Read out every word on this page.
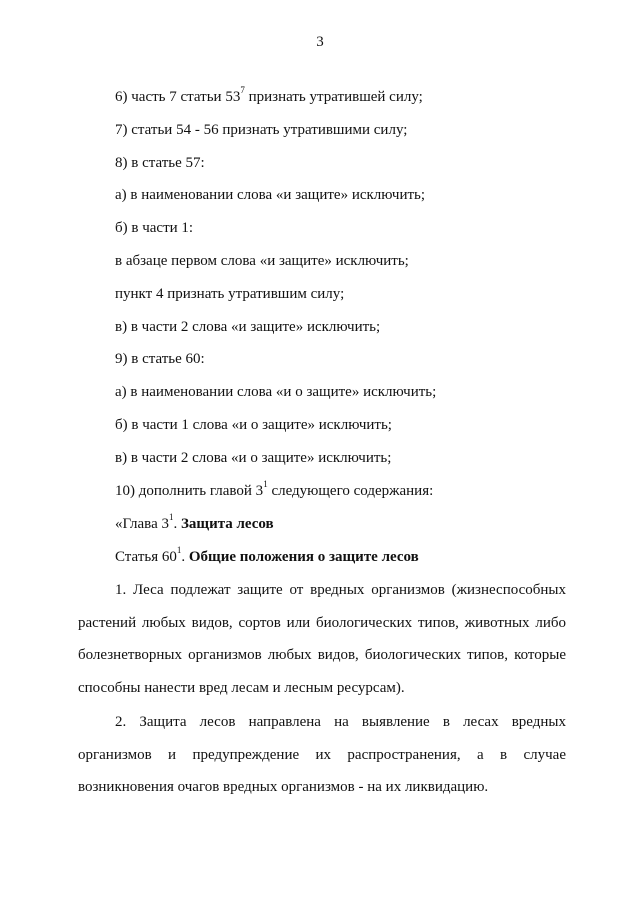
3
6) часть 7 статьи $53^7$ признать утратившей силу;
7) статьи 54 - 56 признать утратившими силу;
8) в статье 57:
а) в наименовании слова «и защите» исключить;
б) в части 1:
в абзаце первом слова «и защите» исключить;
пункт 4 признать утратившим силу;
в) в части 2 слова «и защите» исключить;
9) в статье 60:
а) в наименовании слова «и о защите» исключить;
б) в части 1 слова «и о защите» исключить;
в) в части 2 слова «и о защите» исключить;
10) дополнить главой $3^1$ следующего содержания:
«Глава $3^1$. Защита лесов
Статья $60^1$. Общие положения о защите лесов
1. Леса подлежат защите от вредных организмов (жизнеспособных растений любых видов, сортов или биологических типов, животных либо болезнетворных организмов любых видов, биологических типов, которые способны нанести вред лесам и лесным ресурсам).
2. Защита лесов направлена на выявление в лесах вредных организмов и предупреждение их распространения, а в случае возникновения очагов вредных организмов - на их ликвидацию.
